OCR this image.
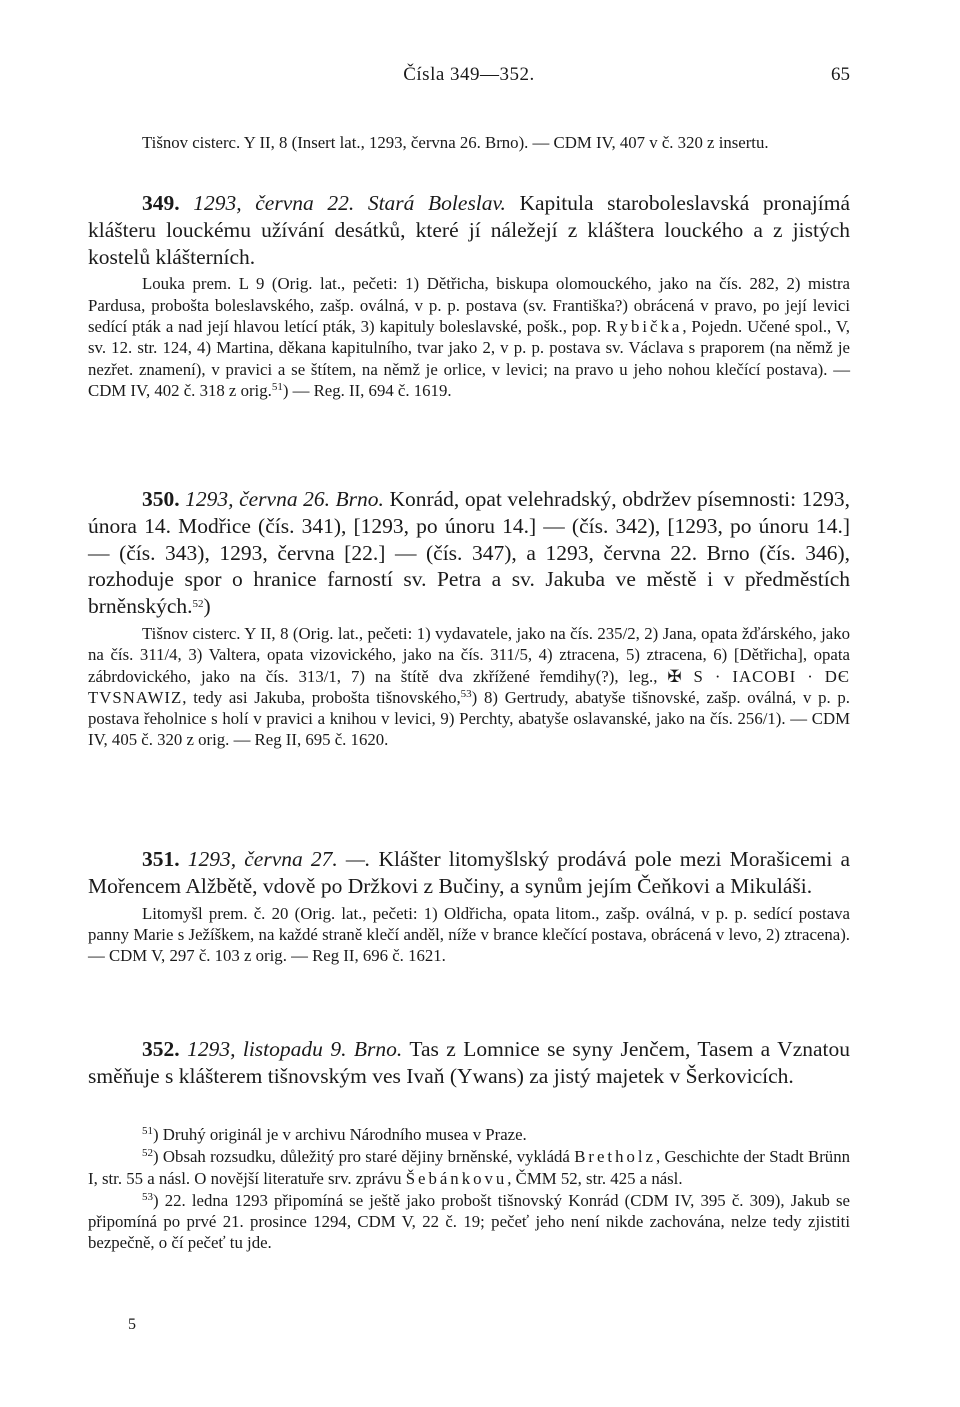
Čísla 349—352.	65

Tišnov cisterc. Y II, 8 (Insert lat., 1293, června 26. Brno). — CDM IV, 407 v č. 320 z insertu.

349. 1293, června 22. Stará Boleslav. Kapitula staroboleslavská pronajímá klášteru louckému užívání desátků, které jí náležejí z kláštera louckého a z jistých kostelů klášterních.

Louka prem. L 9 (Orig. lat., pečeti: 1) Dětřicha, biskupa olomouckého, jako na čís. 282, 2) mistra Pardusa, probošta boleslavského, zašp. oválná, v p. p. postava (sv. Františka?) obrácená v pravo, po její levici sedící pták a nad její hlavou letící pták, 3) kapituly boleslavské, pošk., pop. Rybička, Pojedn. Učené spol., V, sv. 12. str. 124, 4) Martina, děkana kapitulního, tvar jako 2, v p. p. postava sv. Václava s praporem (na němž je nezřet. znamení), v pravici a se štítem, na němž je orlice, v levici; na pravo u jeho nohou klečící postava). — CDM IV, 402 č. 318 z orig.$^{51}$) — Reg. II, 694 č. 1619.

350. 1293, června 26. Brno. Konrád, opat velehradský, obdržev písemnosti: 1293, února 14. Modřice (čís. 341), [1293, po únoru 14.] — (čís. 342), [1293, po únoru 14.] — (čís. 343), 1293, června [22.] — (čís. 347), a 1293, června 22. Brno (čís. 346), rozhoduje spor o hranice farností sv. Petra a sv. Jakuba ve městě i v předměstích brněnských.$^{52}$)

Tišnov cisterc. Y II, 8 (Orig. lat., pečeti: 1) vydavatele, jako na čís. 235/2, 2) Jana, opata žďárského, jako na čís. 311/4, 3) Valtera, opata vizovického, jako na čís. 311/5, 4) ztracena, 5) ztracena, 6) [Dětřicha], opata zábrdovického, jako na čís. 313/1, 7) na štítě dva zkřížené řemdihy(?), leg., ✠ S · IACOBI · DЄ TVSNAWIZ, tedy asi Jakuba, probošta tišnovského,$^{53}$) 8) Gertrudy, abatyše tišnovské, zašp. oválná, v p. p. postava řeholnice s holí v pravici a knihou v levici, 9) Perchty, abatyše oslavanské, jako na čís. 256/1). — CDM IV, 405 č. 320 z orig. — Reg II, 695 č. 1620.

351. 1293, června 27. —. Klášter litomyšlský prodává pole mezi Morašicemi a Mořencem Alžbětě, vdově po Držkovi z Bučiny, a synům jejím Čeňkovi a Mikuláši.

Litomyšl prem. č. 20 (Orig. lat., pečeti: 1) Oldřicha, opata litom., zašp. oválná, v p. p. sedící postava panny Marie s Ježíškem, na každé straně klečí anděl, níže v brance klečící postava, obrácená v levo, 2) ztracena). — CDM V, 297 č. 103 z orig. — Reg II, 696 č. 1621.

352. 1293, listopadu 9. Brno. Tas z Lomnice se syny Jenčem, Tasem a Vznatou směňuje s klášterem tišnovským ves Ivaň (Ywans) za jistý majetek v Šerkovicích.

$^{51}$) Druhý originál je v archivu Národního musea v Praze.

$^{52}$) Obsah rozsudku, důležitý pro staré dějiny brněnské, vykládá Bretholz, Geschichte der Stadt Brünn I, str. 55 a násl. O novější literatuře srv. zprávu Šebánkovu, ČMM 52, str. 425 a násl.

$^{53}$) 22. ledna 1293 připomíná se ještě jako probošt tišnovský Konrád (CDM IV, 395 č. 309), Jakub se připomíná po prvé 21. prosince 1294, CDM V, 22 č. 19; pečeť jeho není nikde zachována, nelze tedy zjistiti bezpečně, o čí pečeť tu jde.

5
